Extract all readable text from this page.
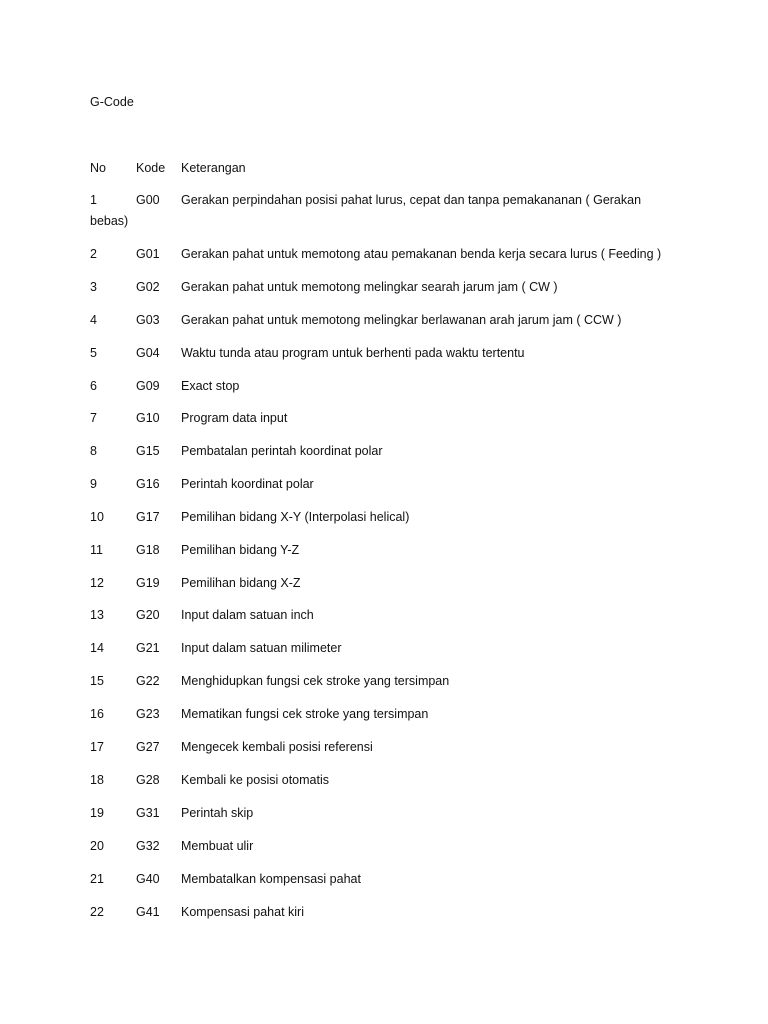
G-Code
No Kode Keterangan
1	G00 Gerakan perpindahan posisi pahat lurus, cepat dan tanpa pemakananan ( Gerakan
bebas)
2	G01 Gerakan pahat untuk memotong atau pemakanan benda kerja secara lurus ( Feeding )
3	G02 Gerakan pahat untuk memotong melingkar searah jarum jam ( CW )
4	G03 Gerakan pahat untuk memotong melingkar berlawanan arah jarum jam ( CCW )
5	G04 Waktu tunda atau program untuk berhenti pada waktu tertentu
6	G09 Exact stop
7	G10 Program data input
8	G15 Pembatalan perintah koordinat polar
9	G16 Perintah koordinat polar
10	G17 Pemilihan bidang X-Y (Interpolasi helical)
11	G18 Pemilihan bidang Y-Z
12	G19 Pemilihan bidang X-Z
13	G20 Input dalam satuan inch
14	G21 Input dalam satuan milimeter
15	G22 Menghidupkan fungsi cek stroke yang tersimpan
16	G23 Mematikan fungsi cek stroke yang tersimpan
17	G27 Mengecek kembali posisi referensi
18	G28 Kembali ke posisi otomatis
19	G31 Perintah skip
20	G32 Membuat ulir
21	G40 Membatalkan kompensasi pahat
22	G41 Kompensasi pahat kiri
